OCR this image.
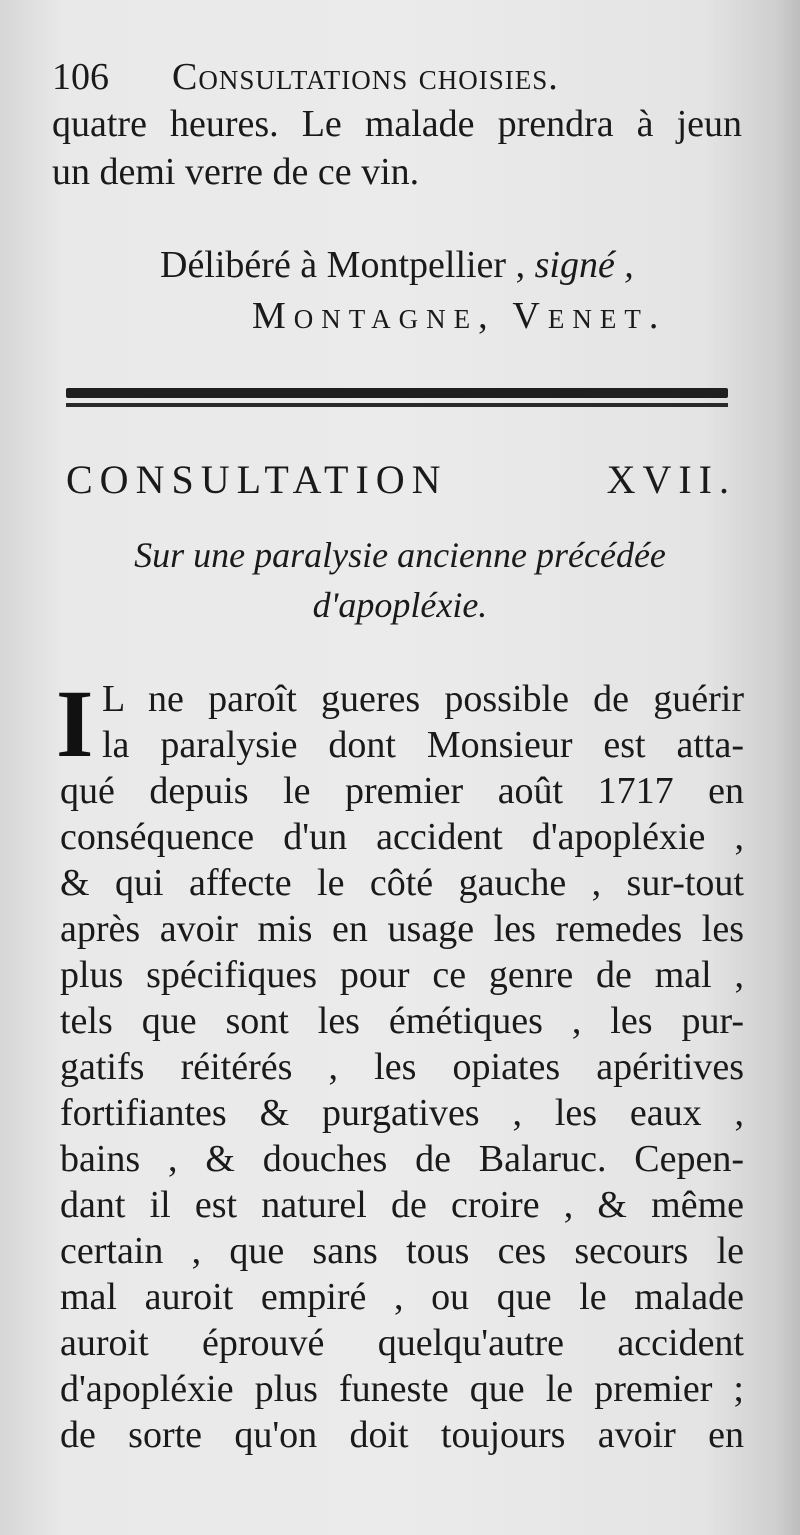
106 Consultations choisies.
quatre heures. Le malade prendra à jeun
un demi verre de ce vin.
Délibéré à Montpellier , signé ,
Montagne, Venet.
CONSULTATION XVII.
Sur une paralysie ancienne précédée
d'apopléxie.
I L ne paroît gueres possible de guérir
la paralysie dont Monsieur est atta-
qué depuis le premier août 1717 en
conséquence d'un accident d'apopléxie ,
& qui affecte le côté gauche , sur-tout
après avoir mis en usage les remedes les
plus spécifiques pour ce genre de mal ,
tels que sont les émétiques , les pur-
gatifs réitérés , les opiates apéritives
fortifiantes & purgatives , les eaux ,
bains , & douches de Balaruc. Cepen-
dant il est naturel de croire , & même
certain , que sans tous ces secours le
mal auroit empiré , ou que le malade
auroit éprouvé quelqu'autre accident
d'apopléxie plus funeste que le premier ;
de sorte qu'on doit toujours avoir en
